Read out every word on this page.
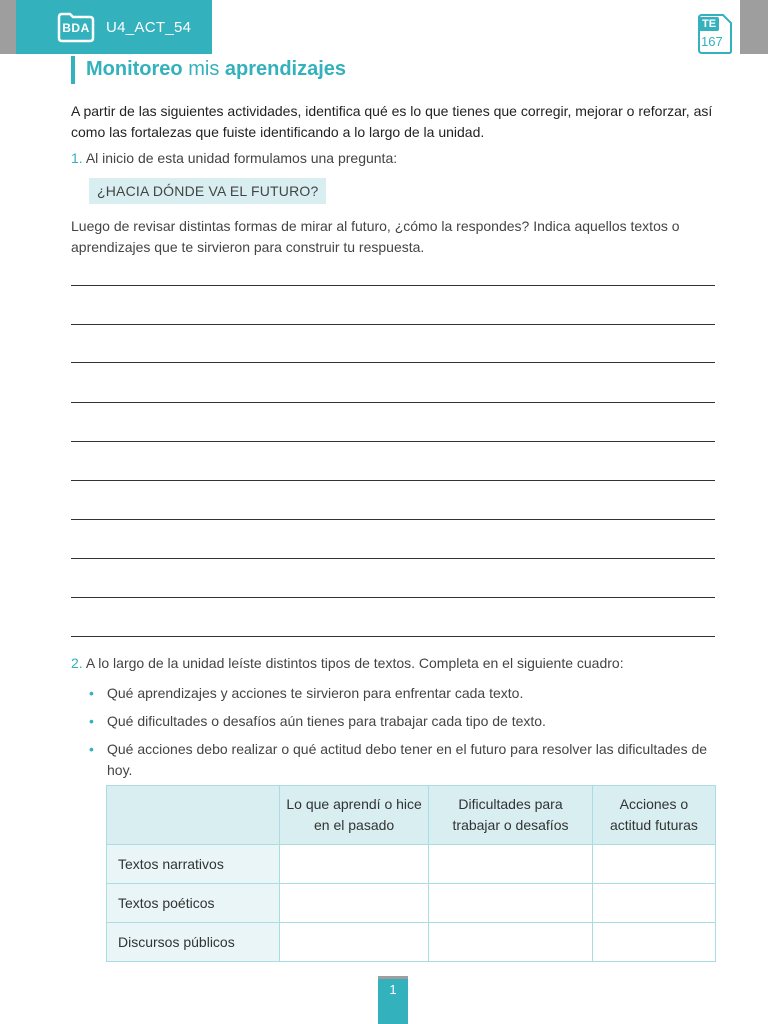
BDA	U4_ACT_54	TE
167
Monitoreo mis aprendizajes
A partir de las siguientes actividades, identifica qué es lo que tienes que corregir, mejorar o reforzar, así como las fortalezas que fuiste identificando a lo largo de la unidad.
1. Al inicio de esta unidad formulamos una pregunta:
¿HACIA DÓNDE VA EL FUTURO?
Luego de revisar distintas formas de mirar al futuro, ¿cómo la respondes? Indica aquellos textos o aprendizajes que te sirvieron para construir tu respuesta.
2. A lo largo de la unidad leíste distintos tipos de textos. Completa en el siguiente cuadro:
• Qué aprendizajes y acciones te sirvieron para enfrentar cada texto.
• Qué dificultades o desafíos aún tienes para trabajar cada tipo de texto.
• Qué acciones debo realizar o qué actitud debo tener en el futuro para resolver las dificultades de hoy.
	Lo que aprendí o hice en el pasado	Dificultades para trabajar o desafíos	Acciones o actitud futuras
Textos narrativos			
Textos poéticos			
Discursos públicos			
1
